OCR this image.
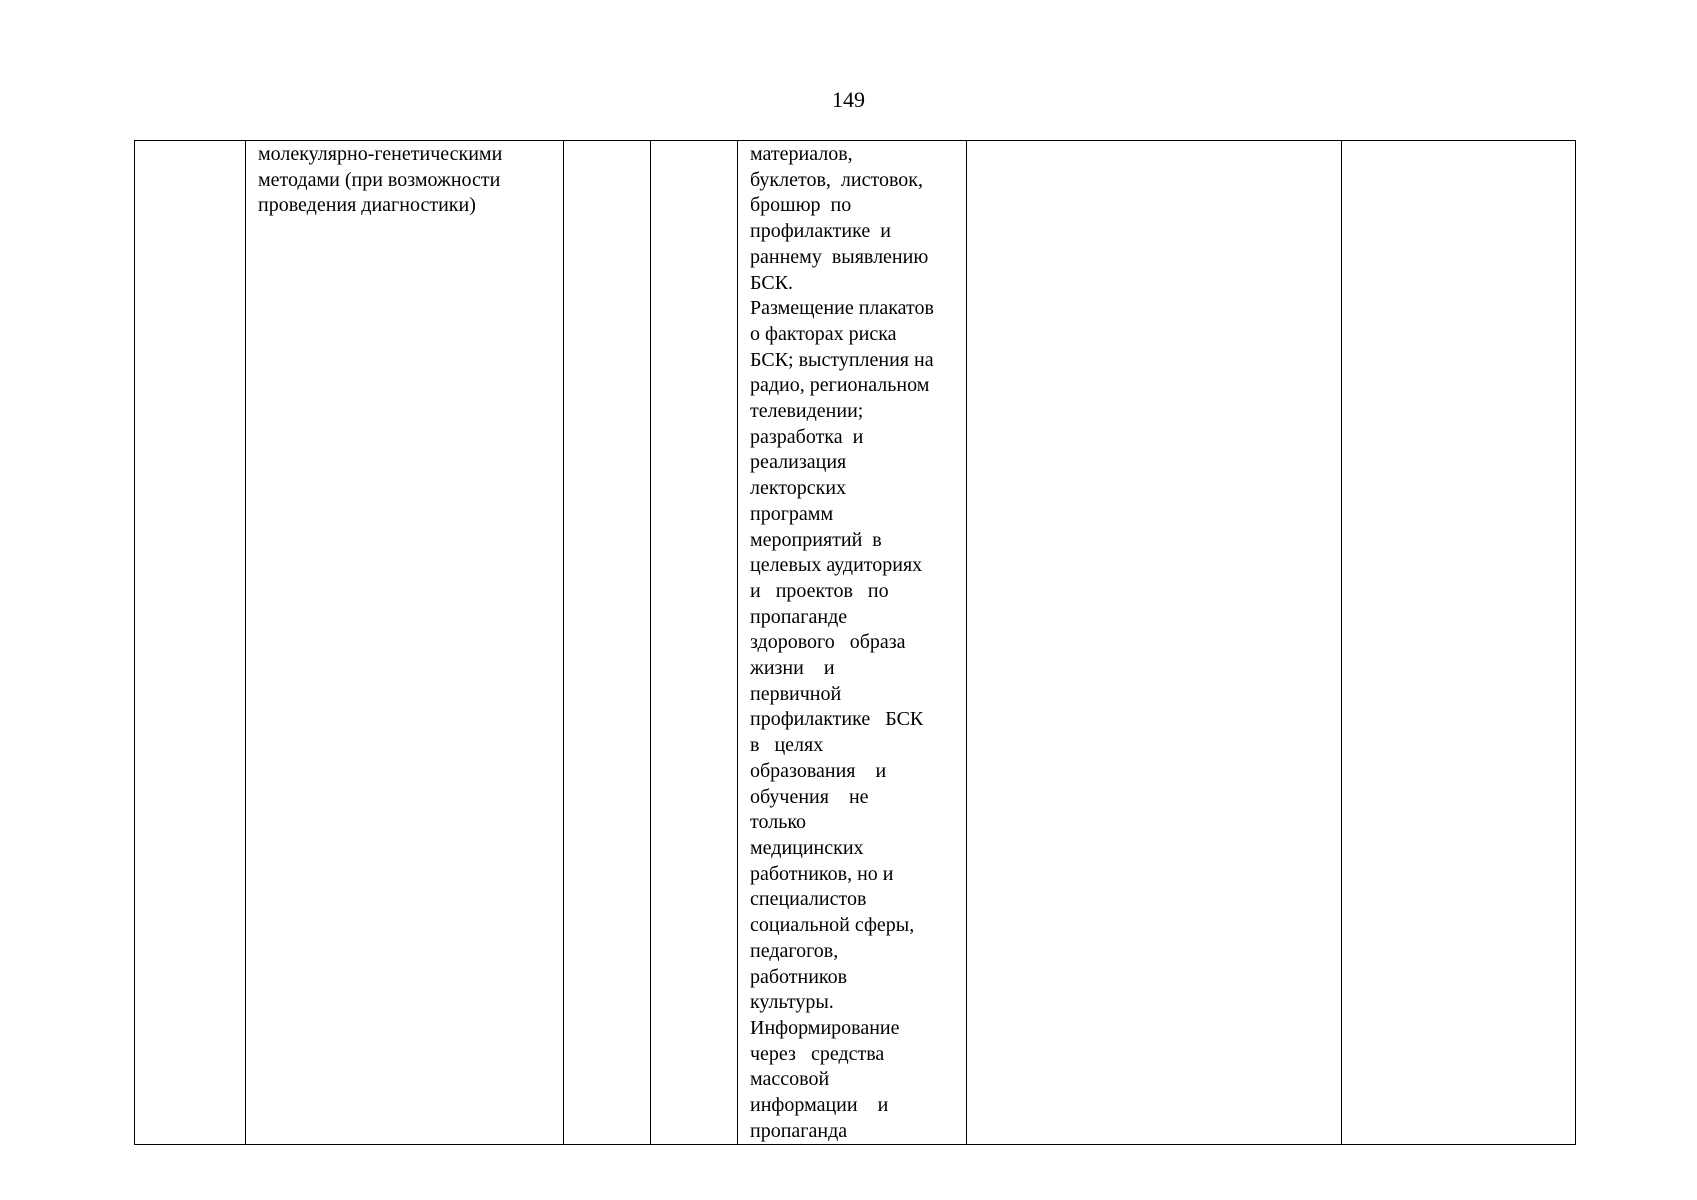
149

молекулярно-генетическими
методами (при возможности
проведения диагностики)

материалов,
буклетов,  листовок,
брошюр  по
профилактике  и
раннему  выявлению
БСК.
Размещение плакатов
о факторах риска
БСК; выступления на
радио, региональном
телевидении;
разработка  и
реализация
лекторских
программ
мероприятий  в
целевых аудиториях
и   проектов   по
пропаганде
здорового   образа
жизни    и
первичной
профилактике   БСК
в   целях
образования    и
обучения    не
только
медицинских
работников, но и
специалистов
социальной сферы,
педагогов,
работников
культуры.
Информирование
через   средства
массовой
информации    и
пропаганда
